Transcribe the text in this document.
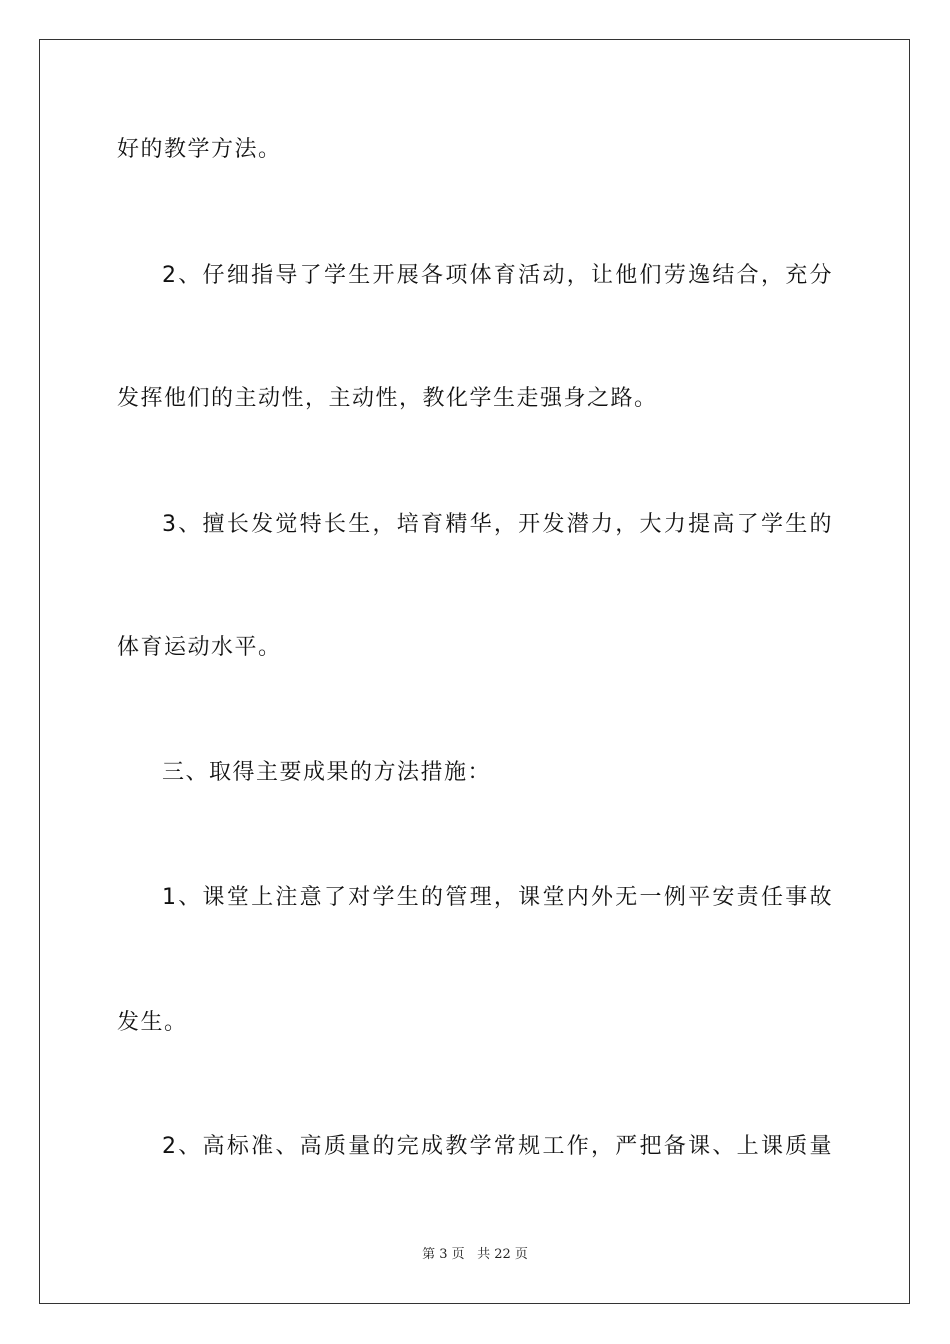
好的教学方法。
2、仔细指导了学生开展各项体育活动，让他们劳逸结合，充分
发挥他们的主动性，主动性，教化学生走强身之路。
3、擅长发觉特长生，培育精华，开发潜力，大力提高了学生的
体育运动水平。
三、取得主要成果的方法措施：
1、课堂上注意了对学生的管理，课堂内外无一例平安责任事故
发生。
2、高标准、高质量的完成教学常规工作，严把备课、上课质量
第 3 页 共 22 页
